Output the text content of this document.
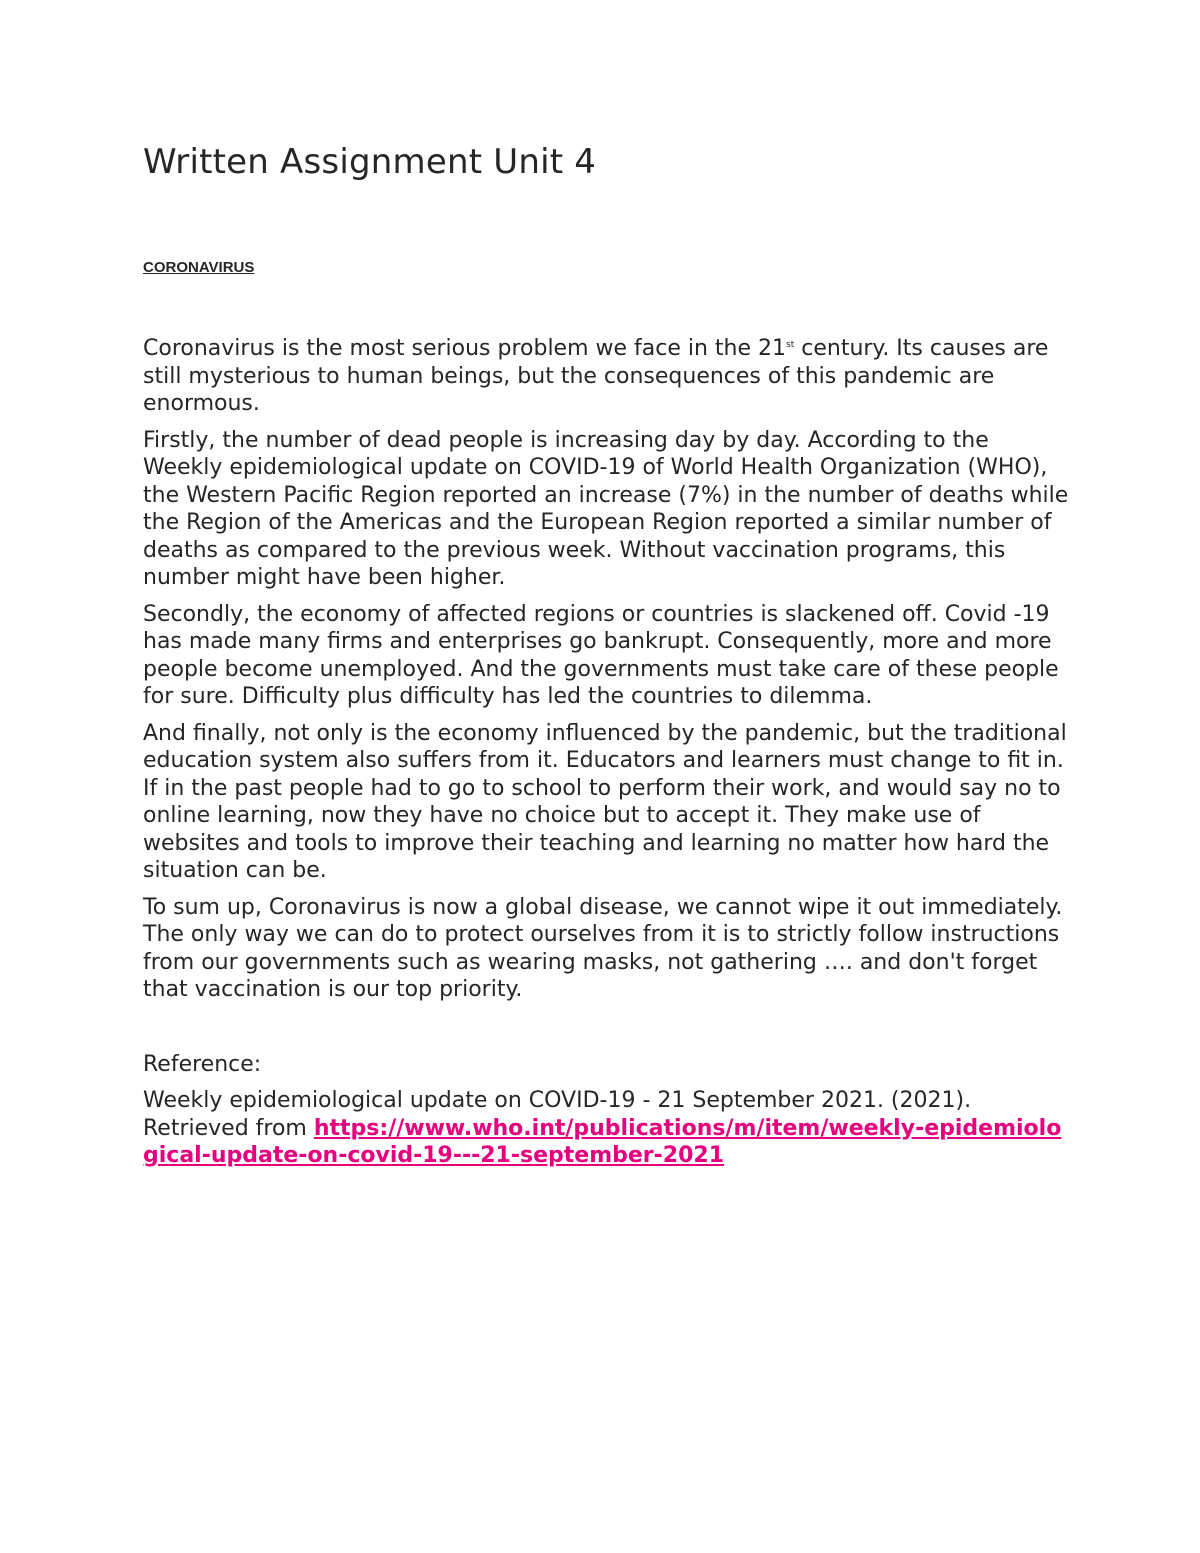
Written Assignment Unit 4
CORONAVIRUS

Coronavirus is the most serious problem we face in the 21st century. Its causes are still mysterious to human beings, but the consequences of this pandemic are enormous.

Firstly, the number of dead people is increasing day by day. According to the Weekly epidemiological update on COVID-19 of World Health Organization (WHO), the Western Pacific Region reported an increase (7%) in the number of deaths while the Region of the Americas and the European Region reported a similar number of deaths as compared to the previous week. Without vaccination programs, this number might have been higher.

Secondly, the economy of affected regions or countries is slackened off. Covid -19 has made many firms and enterprises go bankrupt. Consequently, more and more people become unemployed. And the governments must take care of these people for sure. Difficulty plus difficulty has led the countries to dilemma.

And finally, not only is the economy influenced by the pandemic, but the traditional education system also suffers from it. Educators and learners must change to fit in. If in the past people had to go to school to perform their work, and would say no to online learning, now they have no choice but to accept it. They make use of websites and tools to improve their teaching and learning no matter how hard the situation can be.

To sum up, Coronavirus is now a global disease, we cannot wipe it out immediately. The only way we can do to protect ourselves from it is to strictly follow instructions from our governments such as wearing masks, not gathering …. and don't forget that vaccination is our top priority.

Reference:
Weekly epidemiological update on COVID-19 - 21 September 2021. (2021). Retrieved from https://www.who.int/publications/m/item/weekly-epidemiological-update-on-covid-19---21-september-2021
